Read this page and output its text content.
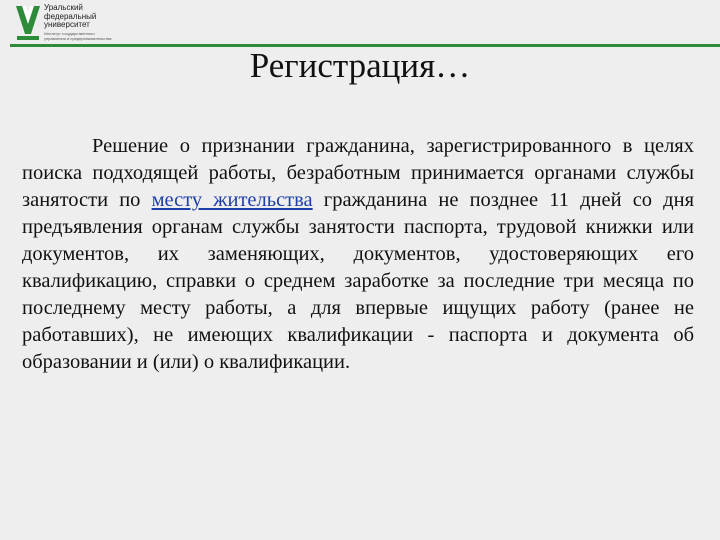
Уральский
федеральный
университет
Институт государственного
управления и предпринимательства
Регистрация…

Решение о признании гражданина, зарегистрированного в целях поиска подходящей работы, безработным принимается органами службы занятости по месту жительства гражданина не позднее 11 дней со дня предъявления органам службы занятости паспорта, трудовой книжки или документов, их заменяющих, документов, удостоверяющих его квалификацию, справки о среднем заработке за последние три месяца по последнему месту работы, а для впервые ищущих работу (ранее не работавших), не имеющих квалификации - паспорта и документа об образовании и (или) о квалификации.
